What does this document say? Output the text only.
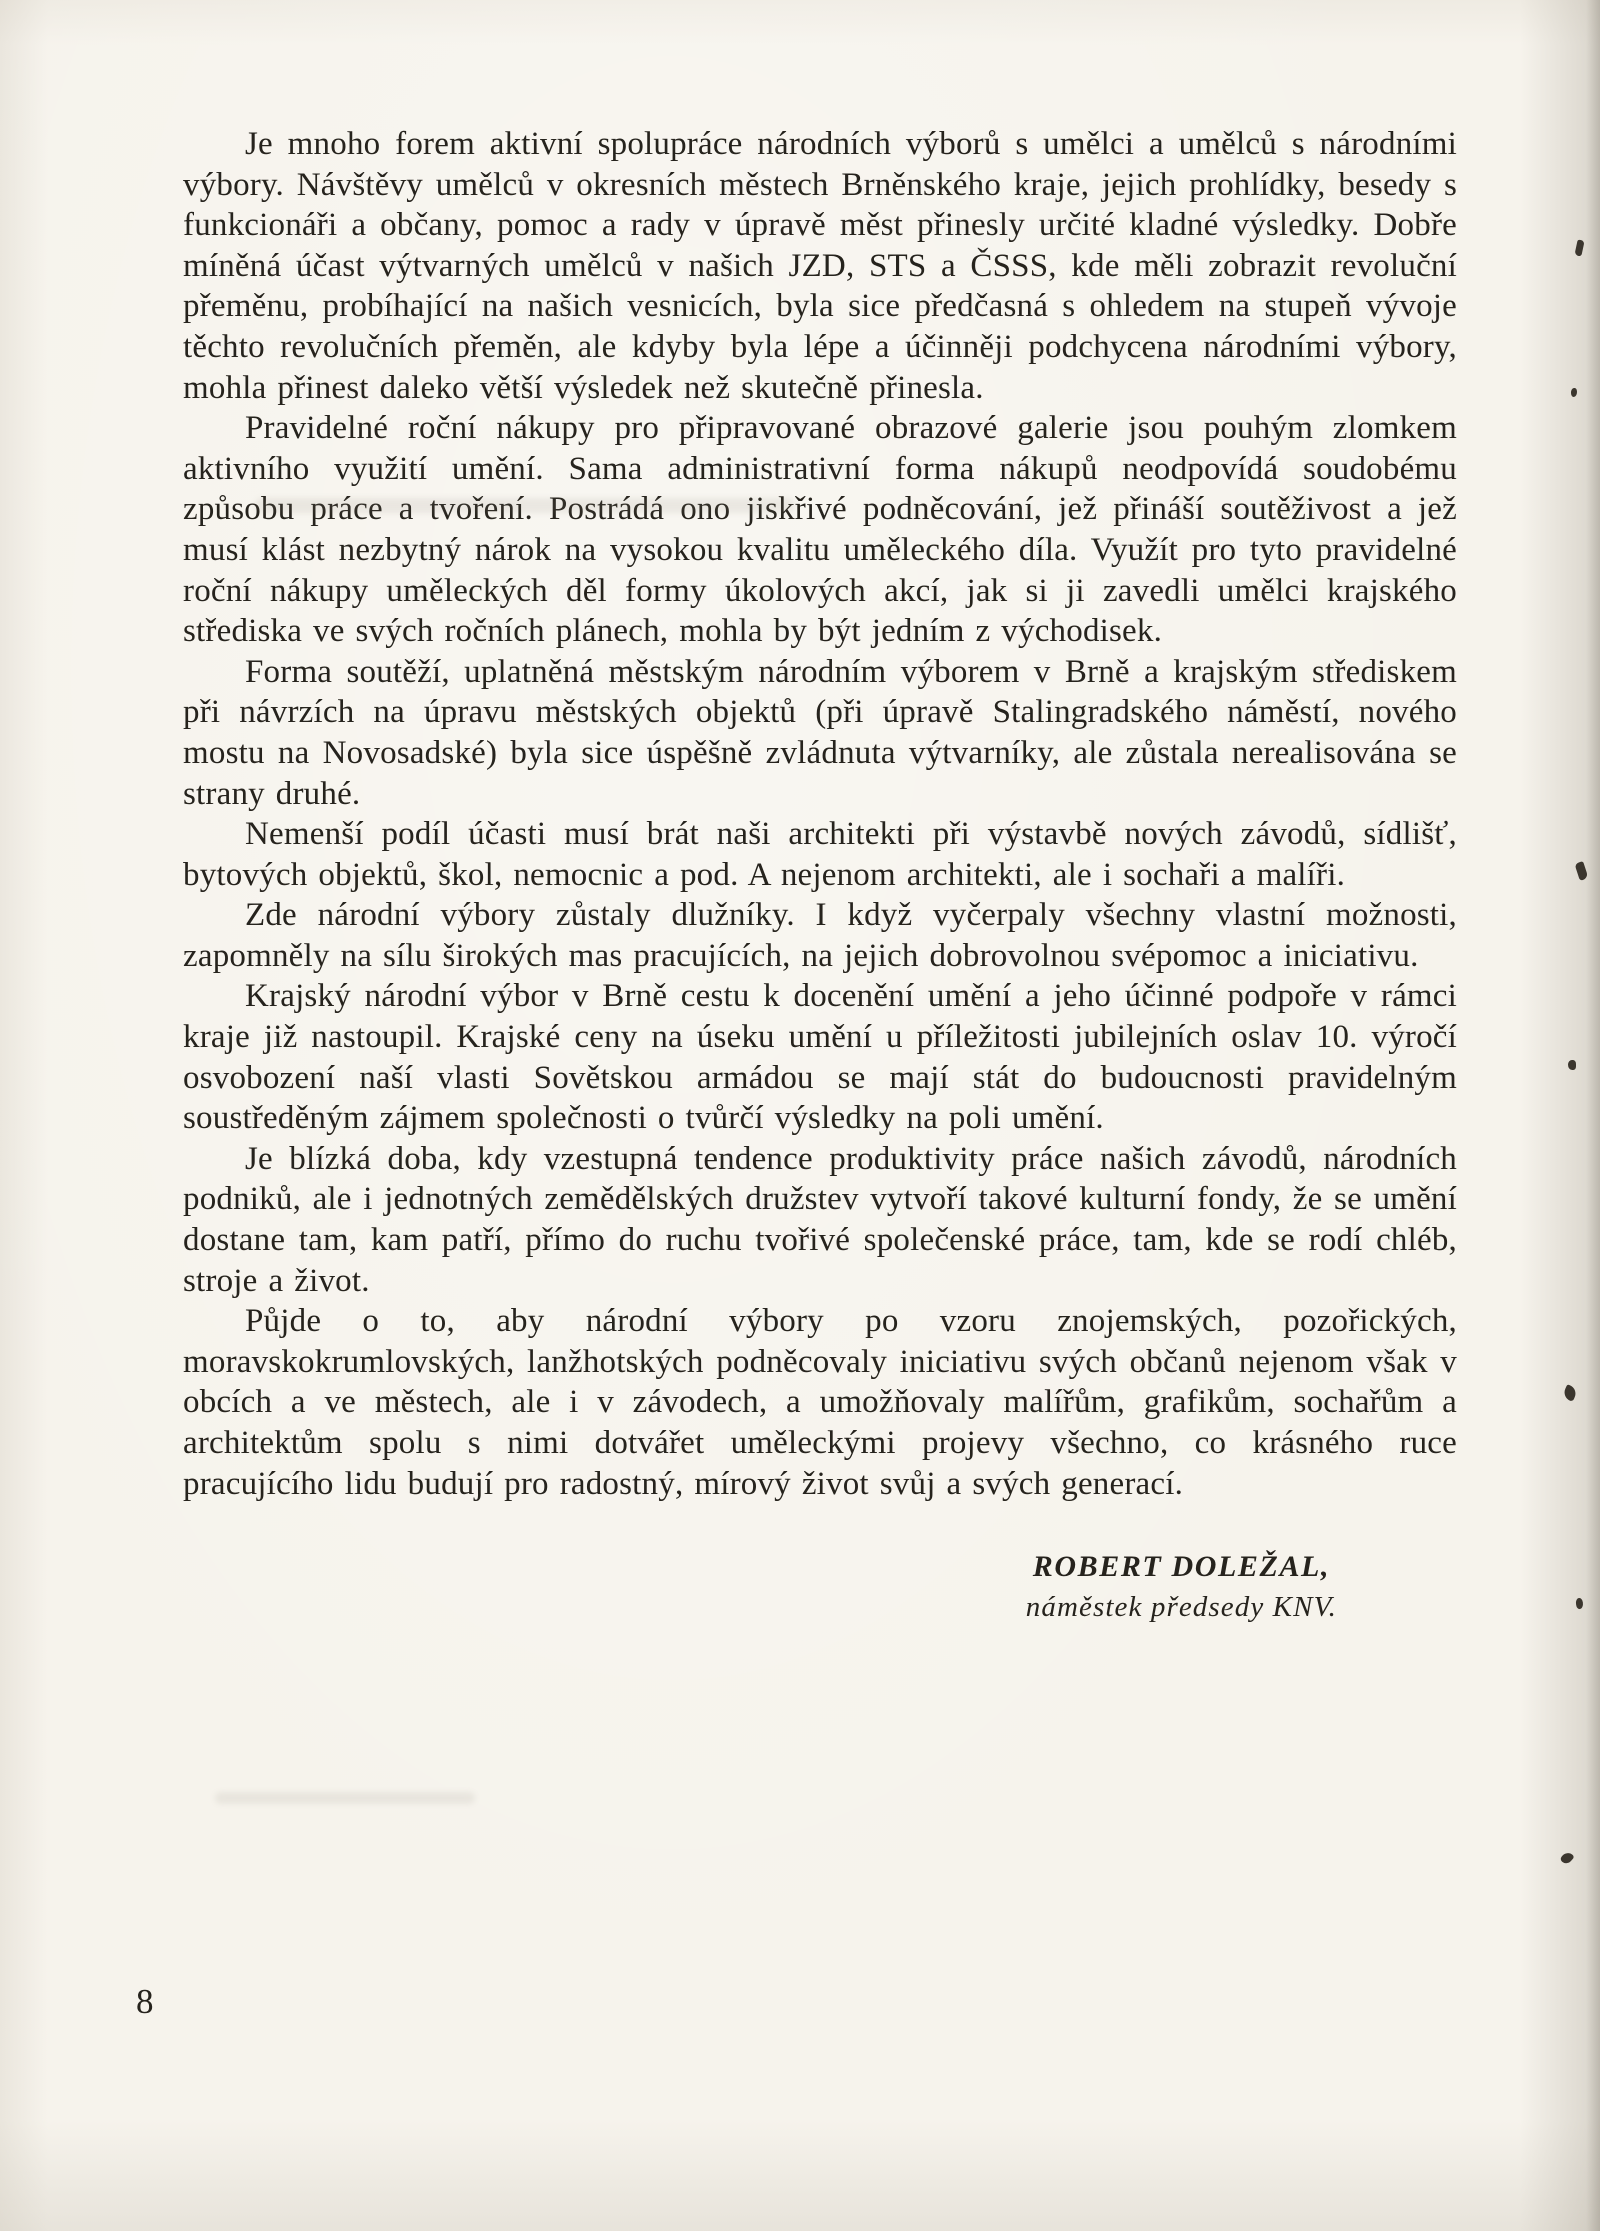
Je mnoho forem aktivní spolupráce národních výborů s umělci a umělců s národními výbory. Návštěvy umělců v okresních městech Brněnského kraje, jejich prohlídky, besedy s funkcionáři a občany, pomoc a rady v úpravě měst přinesly určité kladné výsledky. Dobře míněná účast výtvarných umělců v našich JZD, STS a ČSSS, kde měli zobrazit revoluční přeměnu, probíhající na našich vesnicích, byla sice předčasná s ohledem na stupeň vývoje těchto revolučních přeměn, ale kdyby byla lépe a účinněji podchycena národními výbory, mohla přinest daleko větší výsledek než skutečně přinesla.

Pravidelné roční nákupy pro připravované obrazové galerie jsou pouhým zlomkem aktivního využití umění. Sama administrativní forma nákupů neodpovídá soudobému způsobu práce a tvoření. Postrádá ono jiskřivé podněcování, jež přináší soutěživost a jež musí klást nezbytný nárok na vysokou kvalitu uměleckého díla. Využít pro tyto pravidelné roční nákupy uměleckých děl formy úkolových akcí, jak si ji zavedli umělci krajského střediska ve svých ročních plánech, mohla by být jedním z východisek.

Forma soutěží, uplatněná městským národním výborem v Brně a krajským střediskem při návrzích na úpravu městských objektů (při úpravě Stalingradského náměstí, nového mostu na Novosadské) byla sice úspěšně zvládnuta výtvarníky, ale zůstala nerealisována se strany druhé.

Nemenší podíl účasti musí brát naši architekti při výstavbě nových závodů, sídlišť, bytových objektů, škol, nemocnic a pod. A nejenom architekti, ale i sochaři a malíři.

Zde národní výbory zůstaly dlužníky. I když vyčerpaly všechny vlastní možnosti, zapomněly na sílu širokých mas pracujících, na jejich dobrovolnou svépomoc a iniciativu.

Krajský národní výbor v Brně cestu k docenění umění a jeho účinné podpoře v rámci kraje již nastoupil. Krajské ceny na úseku umění u příležitosti jubilejních oslav 10. výročí osvobození naší vlasti Sovětskou armádou se mají stát do budoucnosti pravidelným soustředěným zájmem společnosti o tvůrčí výsledky na poli umění.

Je blízká doba, kdy vzestupná tendence produktivity práce našich závodů, národních podniků, ale i jednotných zemědělských družstev vytvoří takové kulturní fondy, že se umění dostane tam, kam patří, přímo do ruchu tvořivé společenské práce, tam, kde se rodí chléb, stroje a život.

Půjde o to, aby národní výbory po vzoru znojemských, pozořických, moravskokrumlovských, lanžhotských podněcovaly iniciativu svých občanů nejenom však v obcích a ve městech, ale i v závodech, a umožňovaly malířům, grafikům, sochařům a architektům spolu s nimi dotvářet uměleckými projevy všechno, co krásného ruce pracujícího lidu budují pro radostný, mírový život svůj a svých generací.

ROBERT DOLEŽAL,
náměstek předsedy KNV.
8
